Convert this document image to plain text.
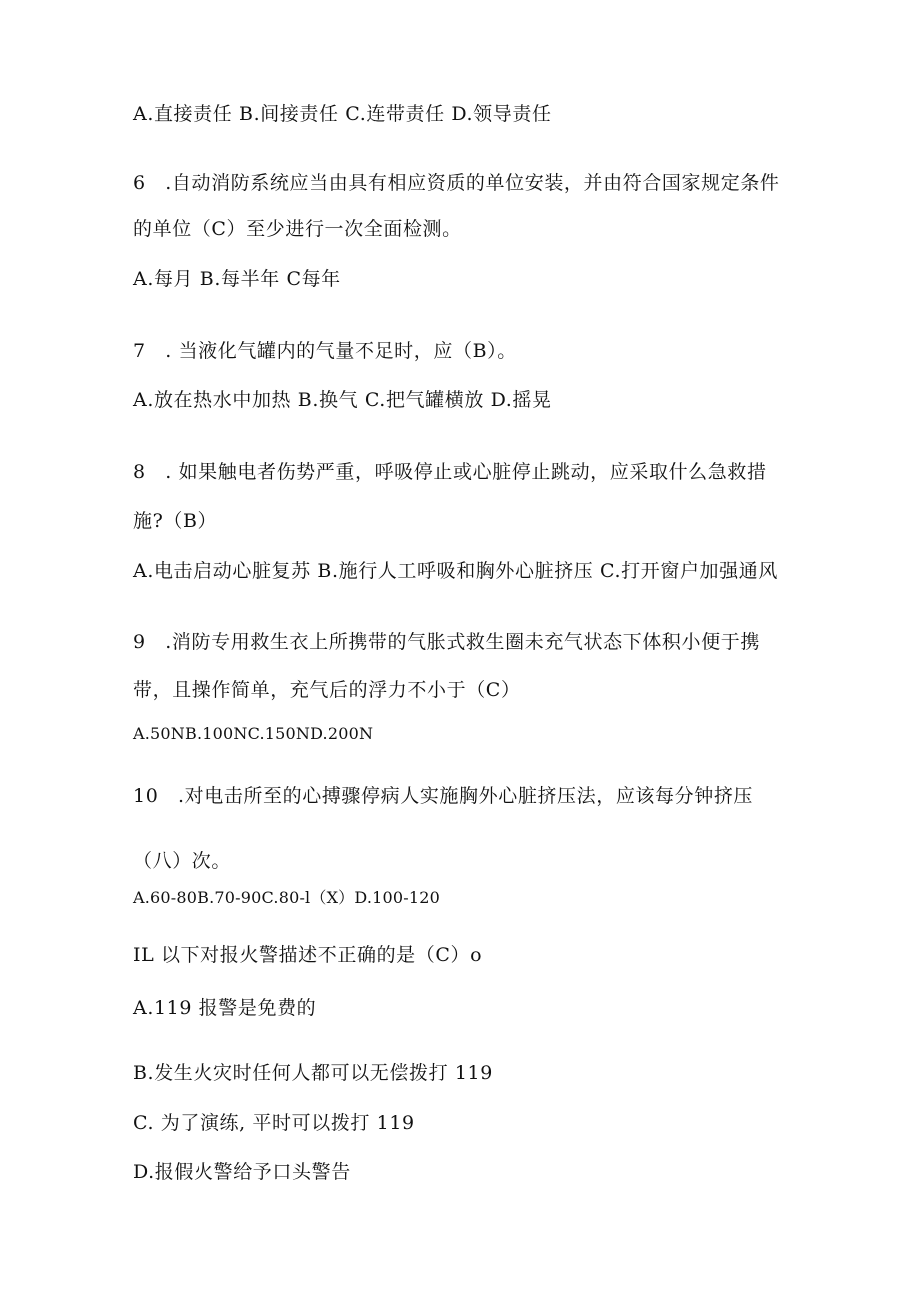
A.直接责任 B.间接责任 C.连带责任 D.领导责任
6　.自动消防系统应当由具有相应资质的单位安装，并由符合国家规定条件
的单位（C）至少进行一次全面检测。
A.每月 B.每半年 C每年
7　. 当液化气罐内的气量不足时，应（B）。
A.放在热水中加热 B.换气 C.把气罐横放 D.摇晃
8　. 如果触电者伤势严重，呼吸停止或心脏停止跳动，应采取什么急救措
施?（B）
A.电击启动心脏复苏 B.施行人工呼吸和胸外心脏挤压 C.打开窗户加强通风
9　.消防专用救生衣上所携带的气胀式救生圈未充气状态下体积小便于携
带，且操作简单，充气后的浮力不小于（C）
A.50NB.100NC.150ND.200N
10　.对电击所至的心搏骤停病人实施胸外心脏挤压法，应该每分钟挤压
（八）次。
A.60-80B.70-90C.80-l（X）D.100-120
IL 以下对报火警描述不正确的是（C）o
A.119 报警是免费的
B.发生火灾时任何人都可以无偿拨打 119
C. 为了演练, 平时可以拨打 119
D.报假火警给予口头警告
